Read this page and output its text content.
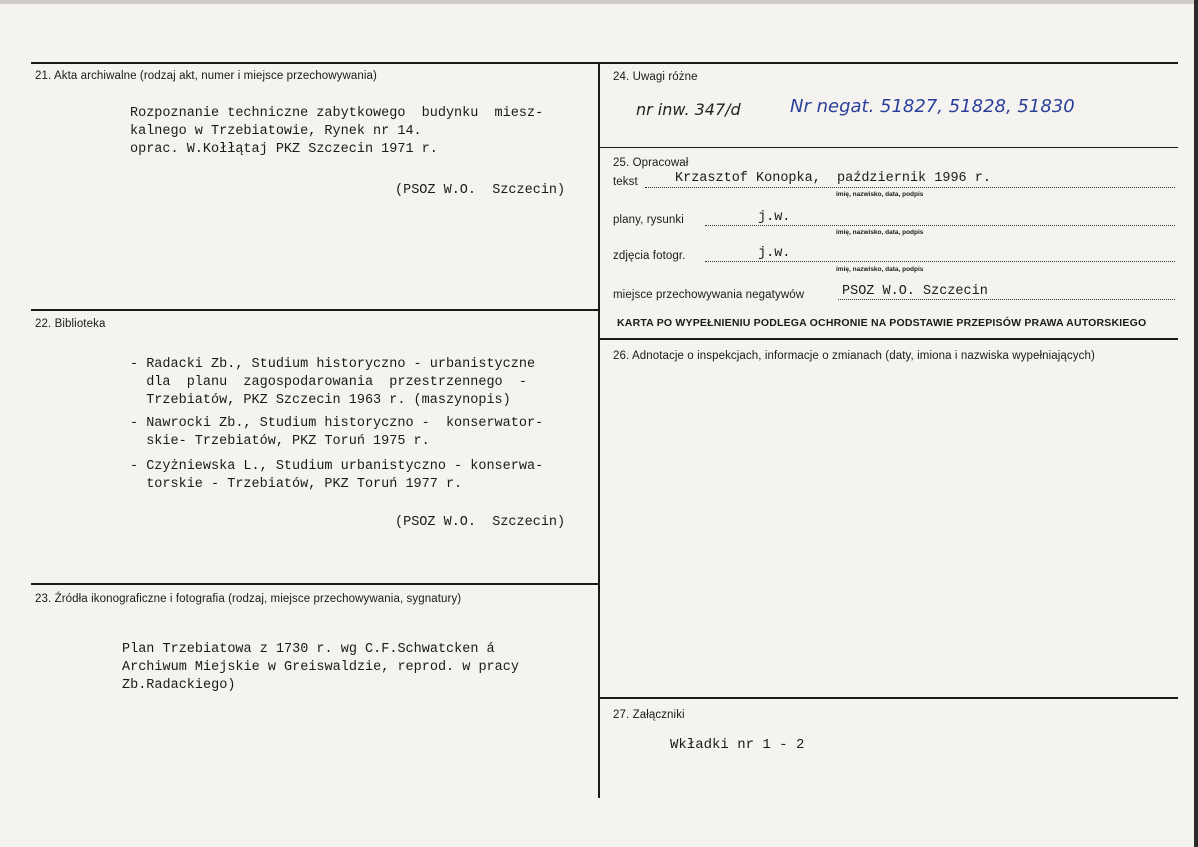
21. Akta archiwalne (rodzaj akt, numer i miejsce przechowywania)
Rozpoznanie techniczne zabytkowego  budynku  miesz-
kalnego w Trzebiatowie, Rynek nr 14.
oprac. W.Kołłątaj PKZ Szczecin 1971 r.
(PSOZ W.O.  Szczecin)
22. Biblioteka
- Radacki Zb., Studium historyczno - urbanistyczne
dla  planu  zagospodarowania  przestrzennego  -
Trzebiatów, PKZ Szczecin 1963 r. (maszynopis)
- Nawrocki Zb., Studium historyczno -  konserwator-
skie- Trzebiatów, PKZ Toruń 1975 r.
- Czyżniewska L., Studium urbanistyczno - konserwa-
torskie - Trzebiatów, PKZ Toruń 1977 r.
(PSOZ W.O.  Szczecin)
23. Źródła ikonograficzne i fotografia (rodzaj, miejsce przechowywania, sygnatury)
Plan Trzebiatowa z 1730 r. wg C.F.Schwatcken á
Archiwum Miejskie w Greiswaldzie, reprod. w pracy
Zb.Radackiego)
24. Uwagi różne
nr inw. 347/d	Nr negat. 51827, 51828, 51830
25. Opracował
tekst	Krzasztof Konopka,  październik 1996 r.
imię, nazwisko, data, podpis
plany, rysunki	j.w.
imię, nazwisko, data, podpis
zdjęcia fotogr.	j.w.
imię, nazwisko, data, podpis
miejsce przechowywania negatywów	PSOZ W.O. Szczecin
KARTA PO WYPEŁNIENIU PODLEGA OCHRONIE NA PODSTAWIE PRZEPISÓW PRAWA AUTORSKIEGO
26. Adnotacje o inspekcjach, informacje o zmianach (daty, imiona i nazwiska wypełniających)
27. Załączniki
Wkładki nr 1 - 2
